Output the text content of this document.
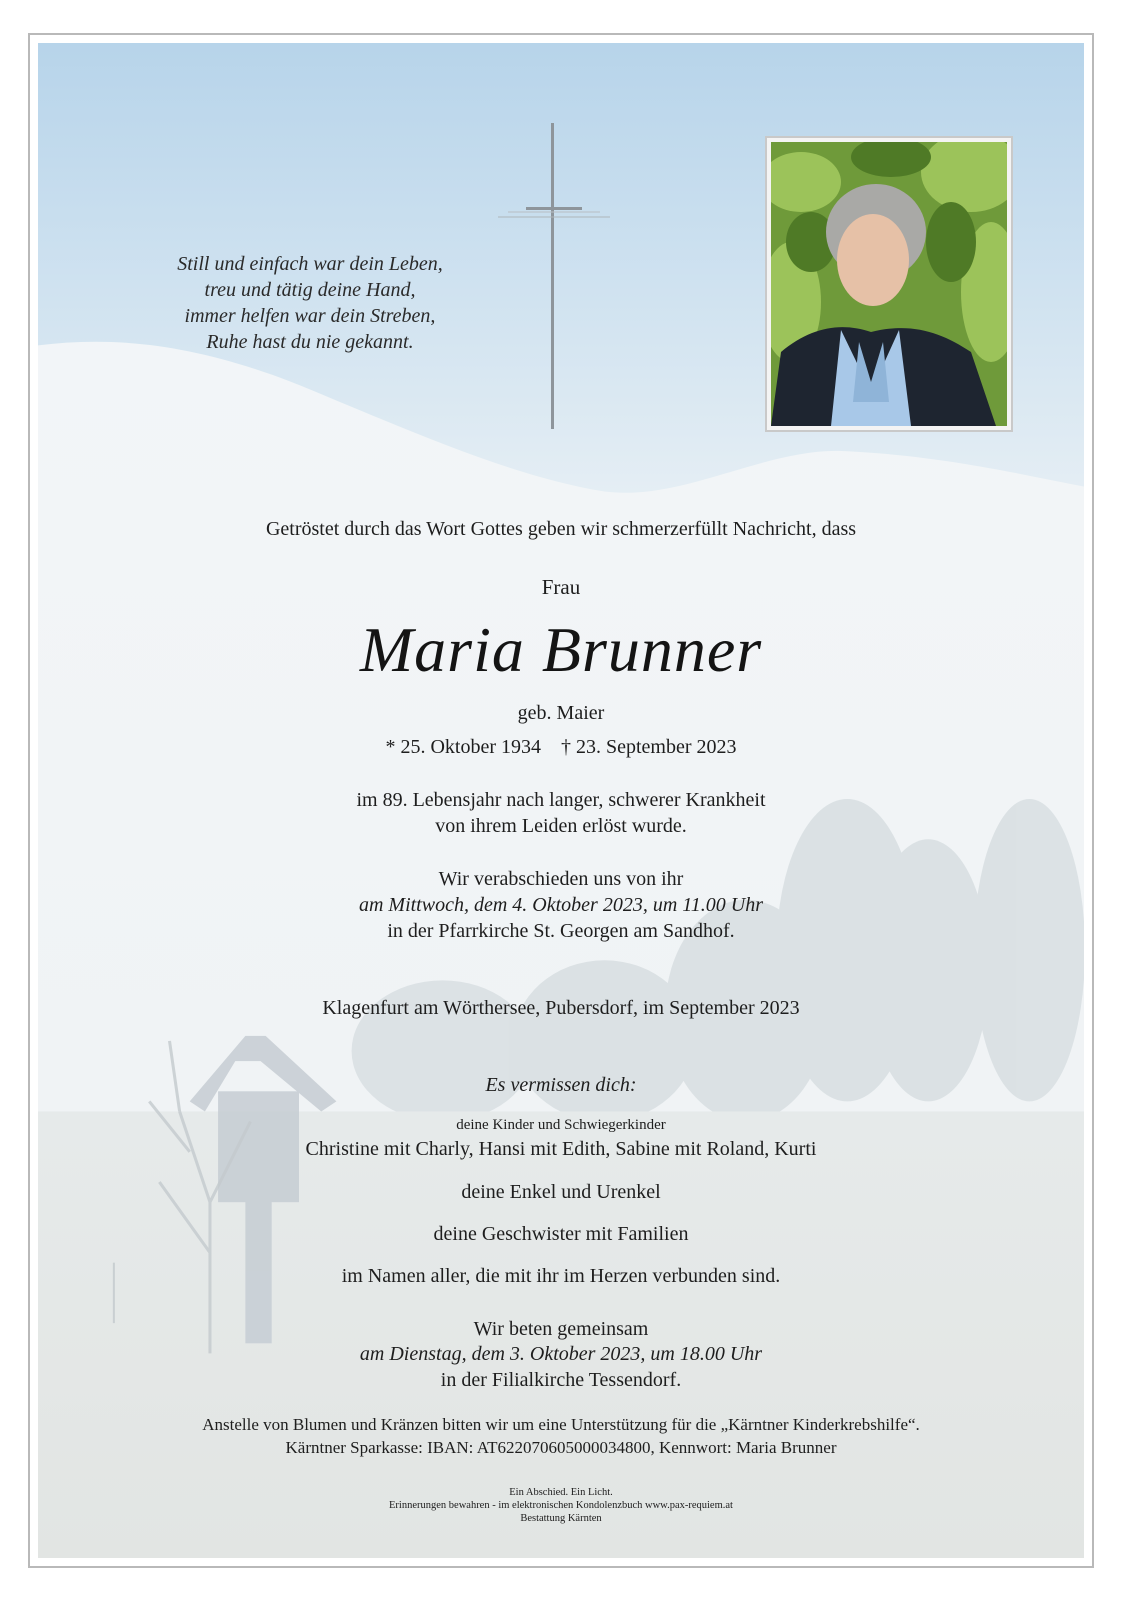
Still und einfach war dein Leben,
treu und tätig deine Hand,
immer helfen war dein Streben,
Ruhe hast du nie gekannt.

Getröstet durch das Wort Gottes geben wir schmerzerfüllt Nachricht, dass

Frau

Maria Brunner

geb. Maier

* 25. Oktober 1934 † 23. September 2023

im 89. Lebensjahr nach langer, schwerer Krankheit

von ihrem Leiden erlöst wurde.

Wir verabschieden uns von ihr

am Mittwoch, dem 4. Oktober 2023, um 11.00 Uhr

in der Pfarrkirche St. Georgen am Sandhof.

Klagenfurt am Wörthersee, Pubersdorf, im September 2023

Es vermissen dich:

deine Kinder und Schwiegerkinder

Christine mit Charly, Hansi mit Edith, Sabine mit Roland, Kurti

deine Enkel und Urenkel

deine Geschwister mit Familien

im Namen aller, die mit ihr im Herzen verbunden sind.

Wir beten gemeinsam

am Dienstag, dem 3. Oktober 2023, um 18.00 Uhr

in der Filialkirche Tessendorf.

Anstelle von Blumen und Kränzen bitten wir um eine Unterstützung für die „Kärntner Kinderkrebshilfe“.

Kärntner Sparkasse: IBAN: AT622070605000034800, Kennwort: Maria Brunner

Ein Abschied. Ein Licht.

Erinnerungen bewahren - im elektronischen Kondolenzbuch www.pax-requiem.at

Bestattung Kärnten
